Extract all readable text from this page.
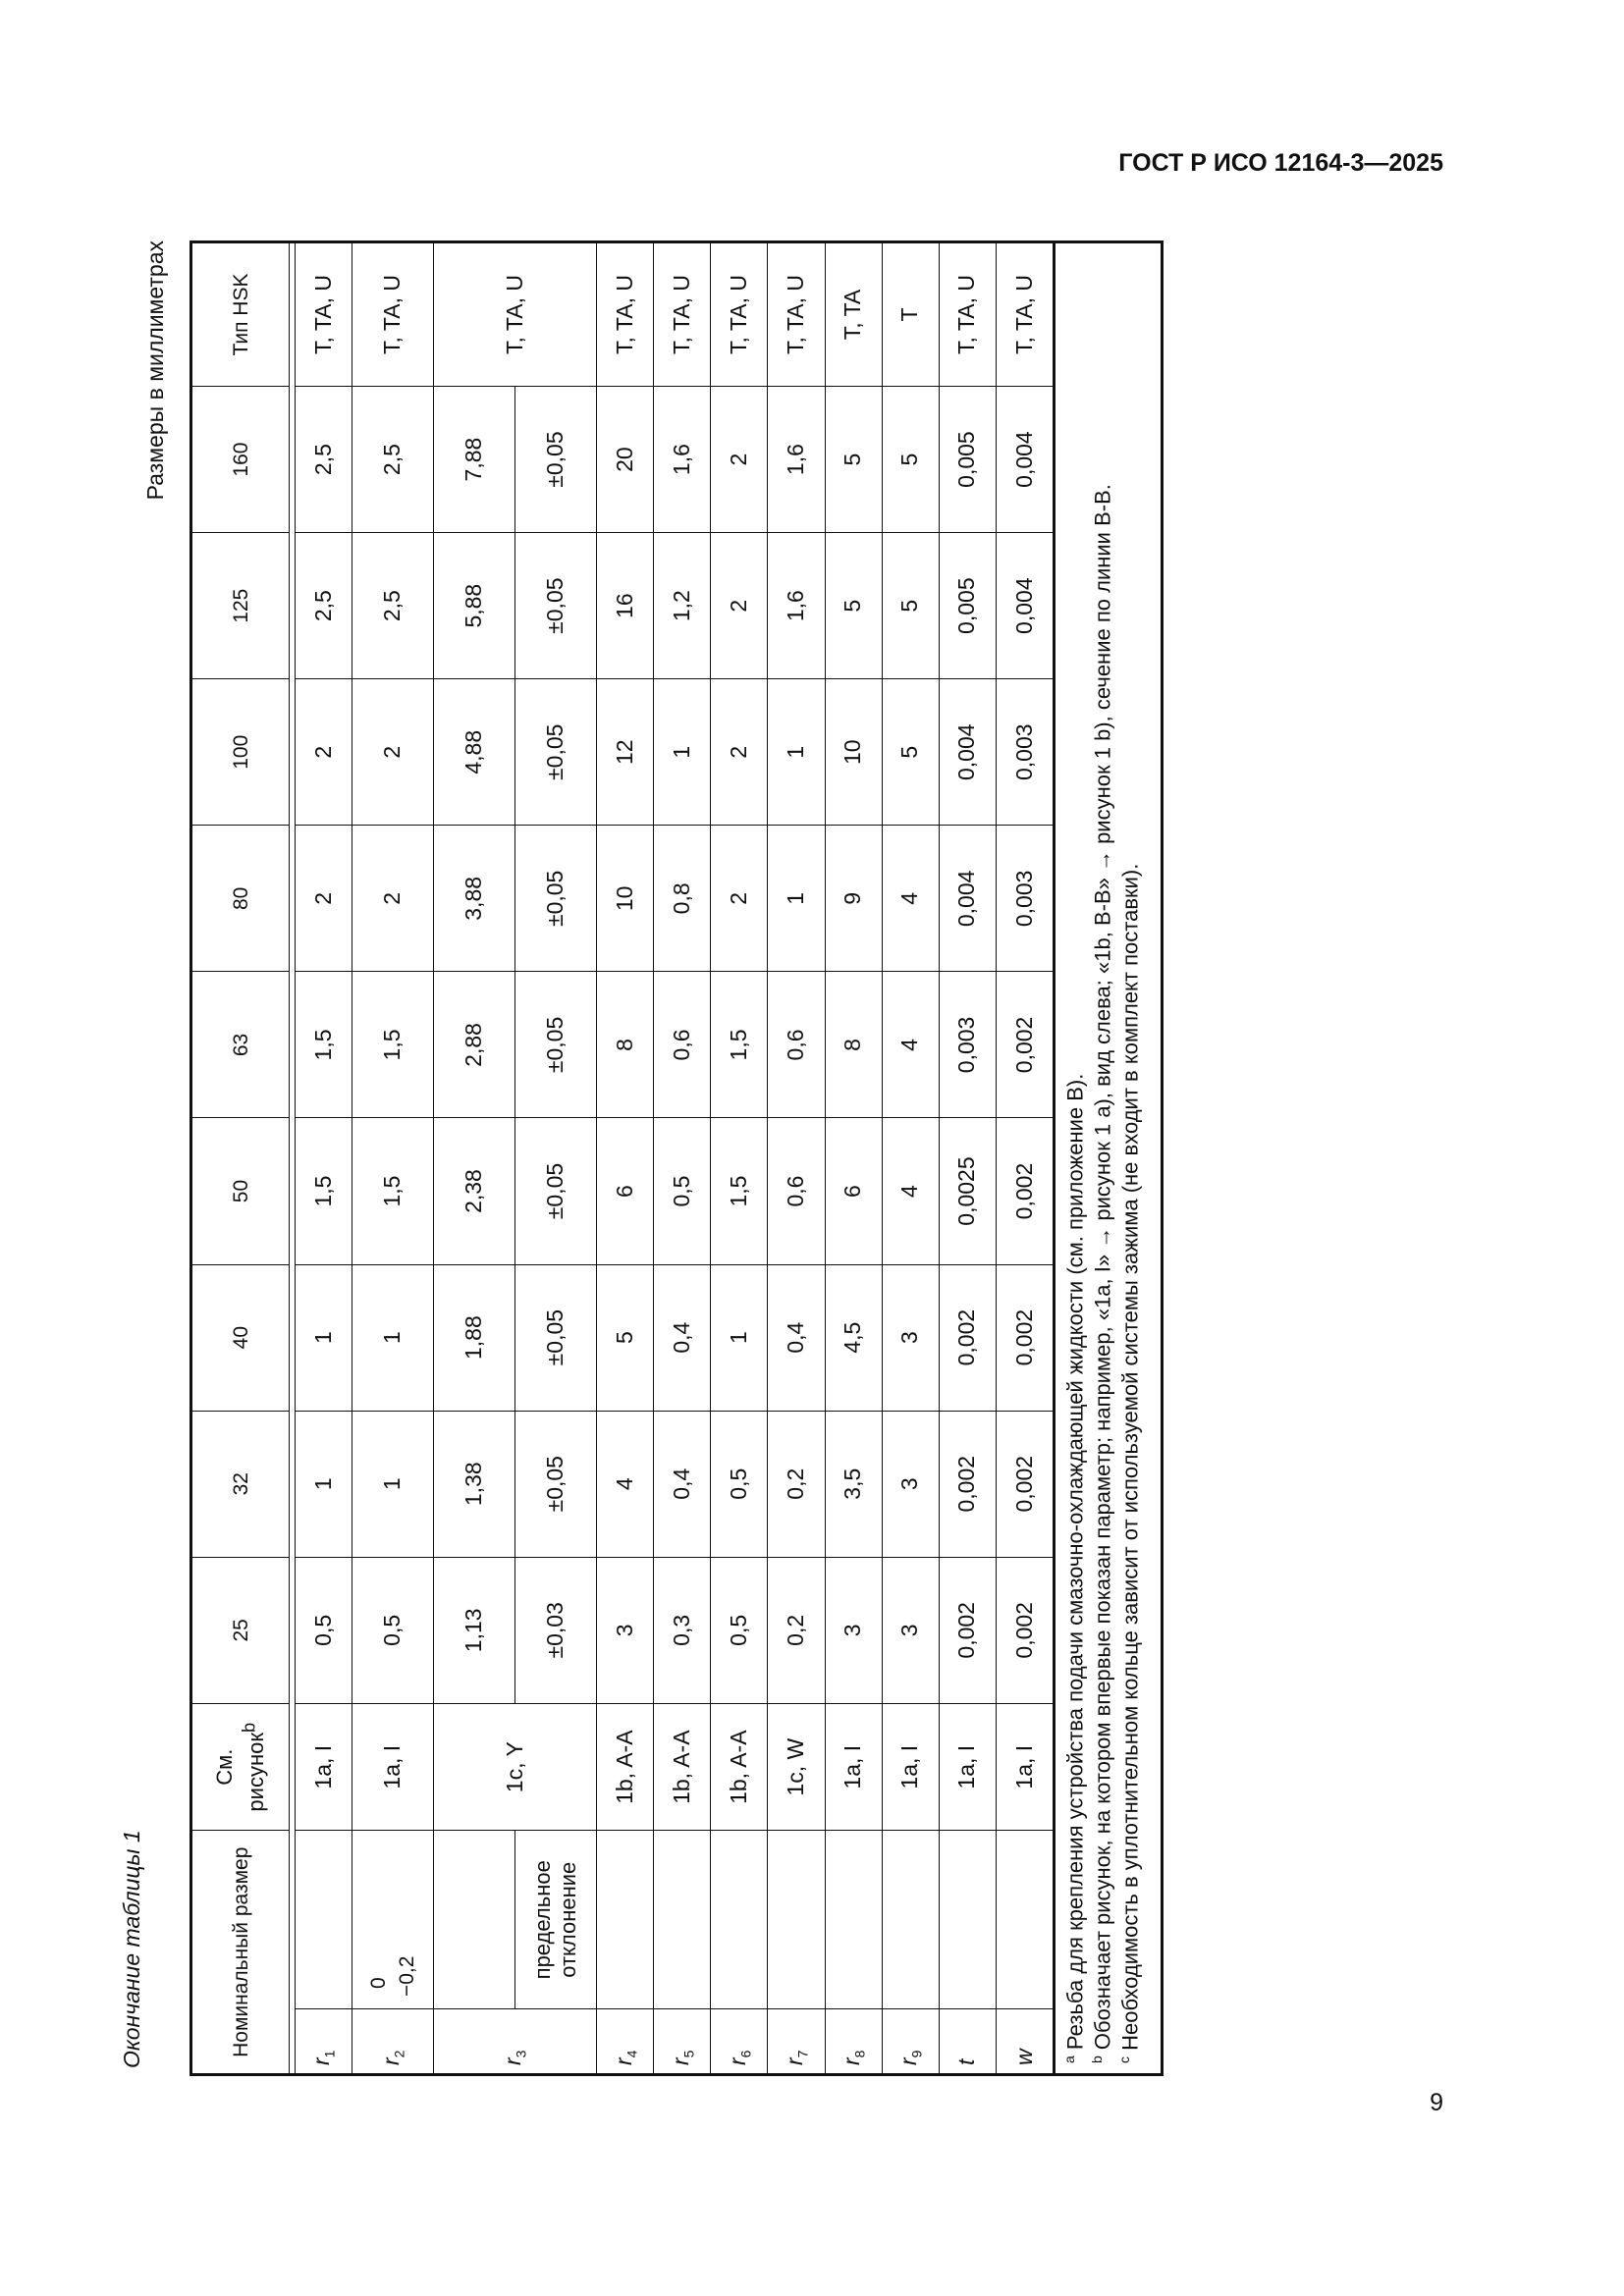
ГОСТ Р ИСО 12164-3—2025
9
Окончание таблицы 1
Размеры в миллиметрах
Номинальный размер		См. рисунок$^b$	25	32	40	50	63	80	100	125	160	Тип HSK

$r_1$		1a, I	0,5	1	1	1,5	1,5	2	2	2,5	2,5	T, TA, U
$r_2$	0 −0,2	1a, I	0,5	1	1	1,5	1,5	2	2	2,5	2,5	T, TA, U
$r_3$		1c, Y	1,13	1,38	1,88	2,38	2,88	3,88	4,88	5,88	7,88	T, TA, U
	предельное отклонение		±0,03	±0,05	±0,05	±0,05	±0,05	±0,05	±0,05	±0,05	±0,05	
$r_4$		1b, A-A	3	4	5	6	8	10	12	16	20	T, TA, U
$r_5$		1b, A-A	0,3	0,4	0,4	0,5	0,6	0,8	1	1,2	1,6	T, TA, U
$r_6$		1b, A-A	0,5	0,5	1	1,5	1,5	2	2	2	2	T, TA, U
$r_7$		1c, W	0,2	0,2	0,4	0,6	0,6	1	1	1,6	1,6	T, TA, U
$r_8$		1a, I	3	3,5	4,5	6	8	9	10	5	5	T, TA
$r_9$		1a, I	3	3	3	4	4	4	5	5	5	T
t		1a, I	0,002	0,002	0,002	0,0025	0,003	0,004	0,004	0,005	0,005	T, TA, U
w		1a, I	0,002	0,002	0,002	0,002	0,002	0,003	0,003	0,004	0,004	T, TA, U
$^a$ Резьба для крепления устройства подачи смазочно-охлаждающей жидкости (см. приложение B).
$^b$ Обозначает рисунок, на котором впервые показан параметр; например, «1a, I» → рисунок 1 a), вид слева; «1b, B-B» → рисунок 1 b), сечение по линии B-B.
$^c$ Необходимость в уплотнительном кольце зависит от используемой системы зажима (не входит в комплект поставки).
